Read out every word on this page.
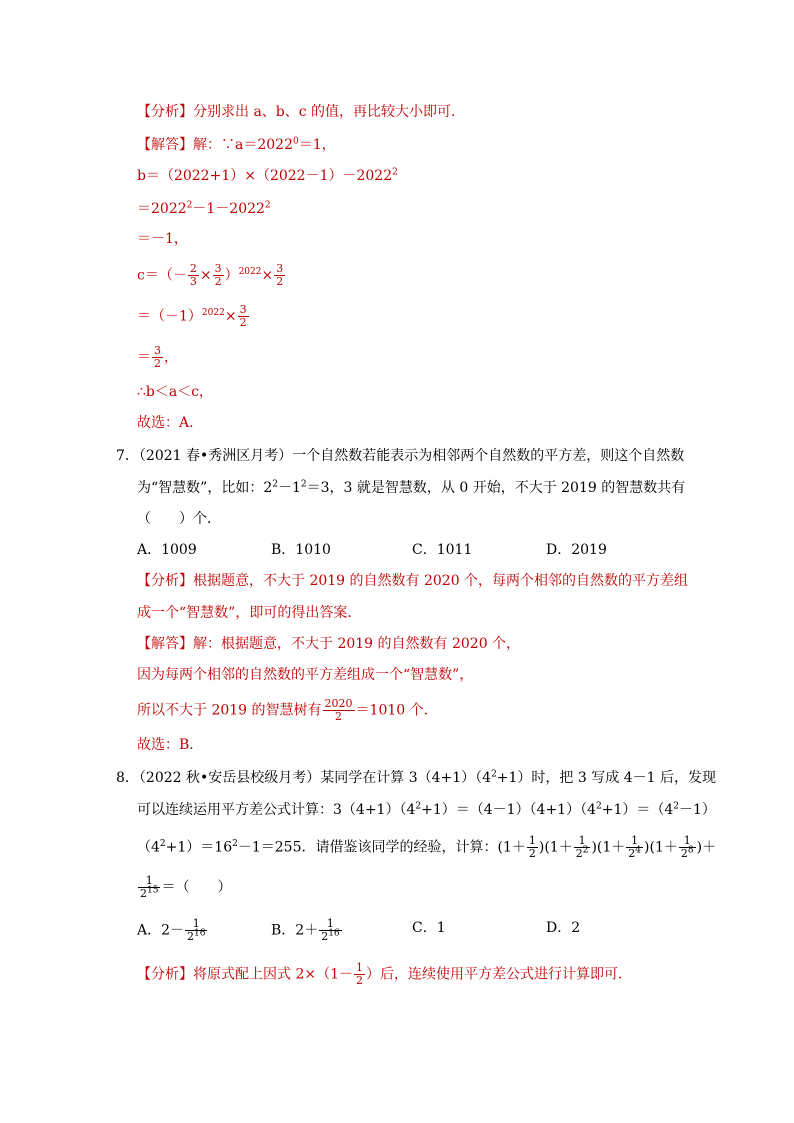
【分析】分别求出 a、b、c 的值，再比较大小即可．
【解答】解：$\because a=2022^0=1$，
$b=(2022+1)\times(2022-1)-2022^2$
$=2022^2-1-2022^2$
＝－1，
$c=(- \frac{2}{3} \times \frac{3}{2} )^{2022}\times \frac{3}{2}$
$=(-1)^{2022}\times \frac{3}{2}$
＝ $\frac{3}{2}$ ，
∴b＜a＜c，
故选：A．
7．（2021 春•秀洲区月考）一个自然数若能表示为相邻两个自然数的平方差，则这个自然数
为“智慧数”，比如：$2^2-1^2=3$，3 就是智慧数，从 0 开始，不大于 2019 的智慧数共有
（　　）个．
A．1009	B．1010	C．1011	D．2019
【分析】根据题意，不大于 2019 的自然数有 2020 个，每两个相邻的自然数的平方差组
成一个“智慧数”，即可的得出答案．
【解答】解：根据题意，不大于 2019 的自然数有 2020 个，
因为每两个相邻的自然数的平方差组成一个“智慧数”，
所以不大于 2019 的智慧树有 $\frac{2020}{2} =1010$ 个．
故选：B．
8．（2022 秋•安岳县校级月考）某同学在计算 $3(4+1)(4^2+1)$时，把 3 写成 4－1 后，发现
可以连续运用平方差公式计算：$3(4+1)(4^2+1)=(4-1)(4+1)(4^2+1)=(4^2-1)$
$(4^2+1)=16^2-1=255$．请借鉴该同学的经验，计算：$(1+ \frac{1}{2} )(1+ \frac{1}{2^2} )(1+ \frac{1}{2^4} )(1+ \frac{1}{2^8}$ )＋
$\frac{1}{2^{15}}$ ＝（　　）
A．$2- \frac{1}{2^{16}}$	B．$2+ \frac{1}{2^{16}}$	C．1	D．2
【分析】将原式配上因式 $2\times(1- \frac{1}{2}$ ）后，连续使用平方差公式进行计算即可．
